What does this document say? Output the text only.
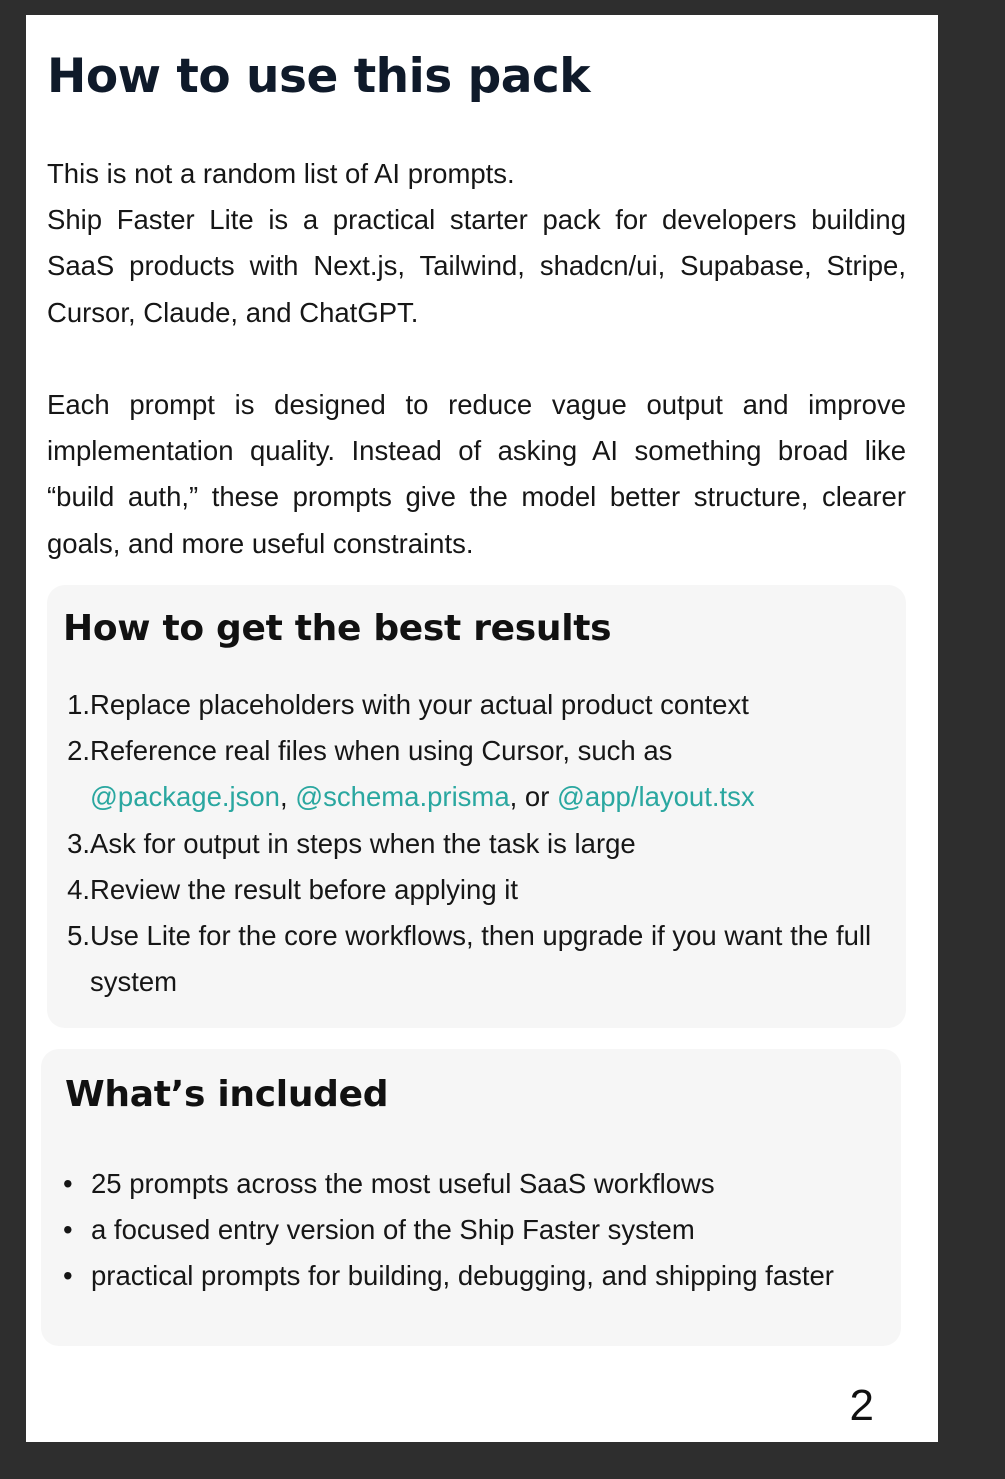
How to use this pack

This is not a random list of AI prompts.

Ship Faster Lite is a practical starter pack for developers building SaaS products with Next.js, Tailwind, shadcn/ui, Supabase, Stripe, Cursor, Claude, and ChatGPT.

Each prompt is designed to reduce vague output and improve implementation quality. Instead of asking AI something broad like “build auth,” these prompts give the model better structure, clearer goals, and more useful constraints.

How to get the best results
1. Replace placeholders with your actual product context
2. Reference real files when using Cursor, such as
@package.json, @schema.prisma, or @app/layout.tsx
3. Ask for output in steps when the task is large
4. Review the result before applying it
5. Use Lite for the core workflows, then upgrade if you want the full system
What’s included
• 25 prompts across the most useful SaaS workflows
• a focused entry version of the Ship Faster system
• practical prompts for building, debugging, and shipping faster
2
